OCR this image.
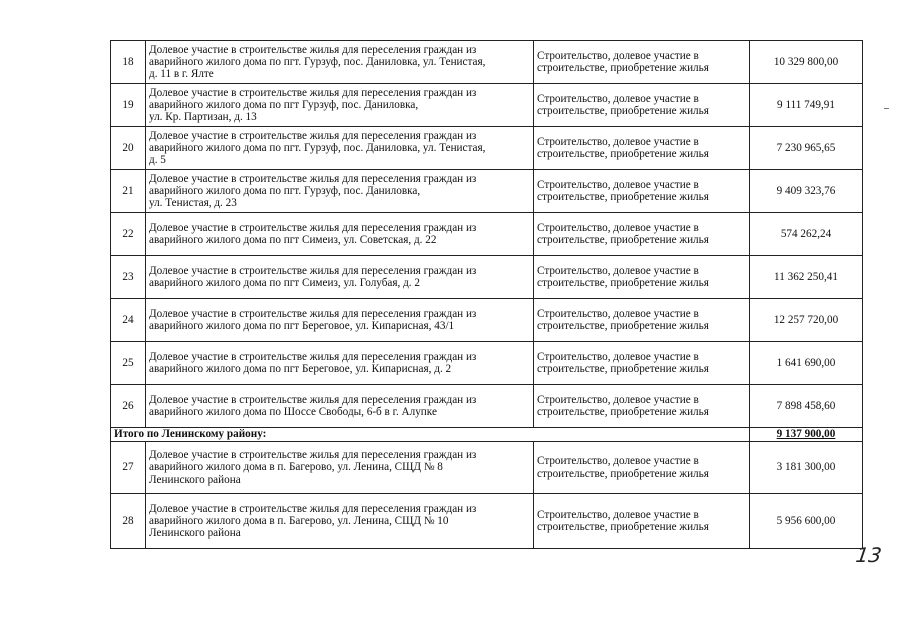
18	Долевое участие в строительстве жилья для переселения граждан из
аварийного жилого дома по пгт. Гурзуф, пос. Даниловка, ул. Тенистая,
д. 11 в г. Ялте	Строительство, долевое участие в
строительстве, приобретение жилья	10 329 800,00
19	Долевое участие в строительстве жилья для переселения граждан из
аварийного жилого дома по пгт Гурзуф, пос. Даниловка,
ул. Кр. Партизан, д. 13	Строительство, долевое участие в
строительстве, приобретение жилья	9 111 749,91
20	Долевое участие в строительстве жилья для переселения граждан из
аварийного жилого дома по пгт. Гурзуф, пос. Даниловка, ул. Тенистая,
д. 5	Строительство, долевое участие в
строительстве, приобретение жилья	7 230 965,65
21	Долевое участие в строительстве жилья для переселения граждан из
аварийного жилого дома по пгт. Гурзуф, пос. Даниловка,
ул. Тенистая, д. 23	Строительство, долевое участие в
строительстве, приобретение жилья	9 409 323,76
22	Долевое участие в строительстве жилья для переселения граждан из
аварийного жилого дома по пгт Симеиз, ул. Советская, д. 22	Строительство, долевое участие в
строительстве, приобретение жилья	574 262,24
23	Долевое участие в строительстве жилья для переселения граждан из
аварийного жилого дома по пгт Симеиз, ул. Голубая, д. 2	Строительство, долевое участие в
строительстве, приобретение жилья	11 362 250,41
24	Долевое участие в строительстве жилья для переселения граждан из
аварийного жилого дома по пгт Береговое, ул. Кипарисная, 43/1	Строительство, долевое участие в
строительстве, приобретение жилья	12 257 720,00
25	Долевое участие в строительстве жилья для переселения граждан из
аварийного жилого дома по пгт Береговое, ул. Кипарисная, д. 2	Строительство, долевое участие в
строительстве, приобретение жилья	1 641 690,00
26	Долевое участие в строительстве жилья для переселения граждан из
аварийного жилого дома по Шоссе Свободы, 6-б в г. Алупке	Строительство, долевое участие в
строительстве, приобретение жилья	7 898 458,60
Итого по Ленинскому району:			9 137 900,00
27	Долевое участие в строительстве жилья для переселения граждан из
аварийного жилого дома в п. Багерово, ул. Ленина, СЩД № 8
Ленинского района	Строительство, долевое участие в
строительстве, приобретение жилья	3 181 300,00
28	Долевое участие в строительстве жилья для переселения граждан из
аварийного жилого дома в п. Багерово, ул. Ленина, СЩД № 10
Ленинского района	Строительство, долевое участие в
строительстве, приобретение жилья	5 956 600,00
13
